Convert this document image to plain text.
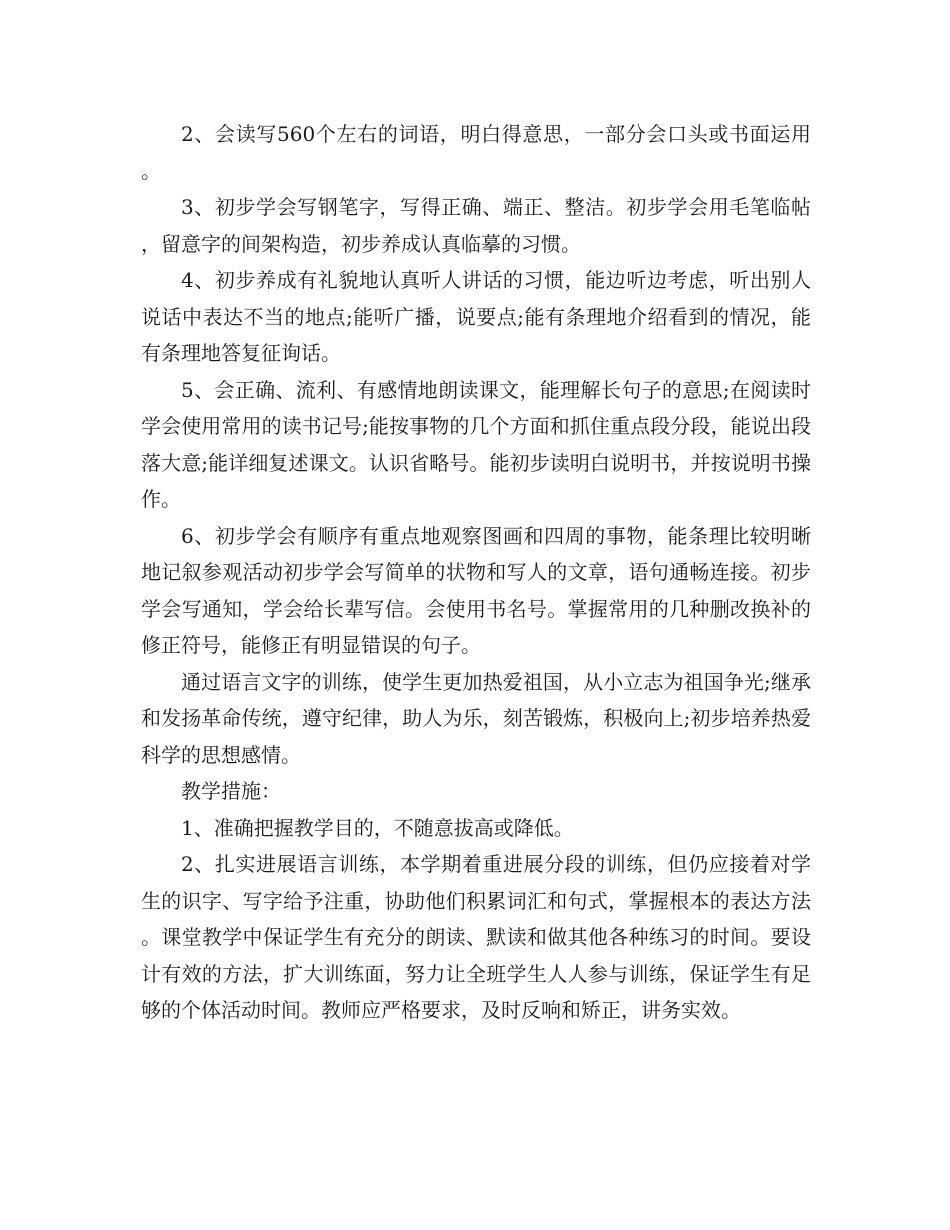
2、会读写560个左右的词语，明白得意思，一部分会口头或书面运用。

3、初步学会写钢笔字，写得正确、端正、整洁。初步学会用毛笔临帖，留意字的间架构造，初步养成认真临摹的习惯。

4、初步养成有礼貌地认真听人讲话的习惯，能边听边考虑，听出别人说话中表达不当的地点;能听广播，说要点;能有条理地介绍看到的情况，能有条理地答复征询话。

5、会正确、流利、有感情地朗读课文，能理解长句子的意思;在阅读时学会使用常用的读书记号;能按事物的几个方面和抓住重点段分段，能说出段落大意;能详细复述课文。认识省略号。能初步读明白说明书，并按说明书操作。

6、初步学会有顺序有重点地观察图画和四周的事物，能条理比较明晰地记叙参观活动初步学会写简单的状物和写人的文章，语句通畅连接。初步学会写通知，学会给长辈写信。会使用书名号。掌握常用的几种删改换补的修正符号，能修正有明显错误的句子。

通过语言文字的训练，使学生更加热爱祖国，从小立志为祖国争光;继承和发扬革命传统，遵守纪律，助人为乐，刻苦锻炼，积极向上;初步培养热爱科学的思想感情。

教学措施：

1、准确把握教学目的，不随意拔高或降低。

2、扎实进展语言训练，本学期着重进展分段的训练，但仍应接着对学生的识字、写字给予注重，协助他们积累词汇和句式，掌握根本的表达方法。课堂教学中保证学生有充分的朗读、默读和做其他各种练习的时间。要设计有效的方法，扩大训练面，努力让全班学生人人参与训练，保证学生有足够的个体活动时间。教师应严格要求，及时反响和矫正，讲务实效。
